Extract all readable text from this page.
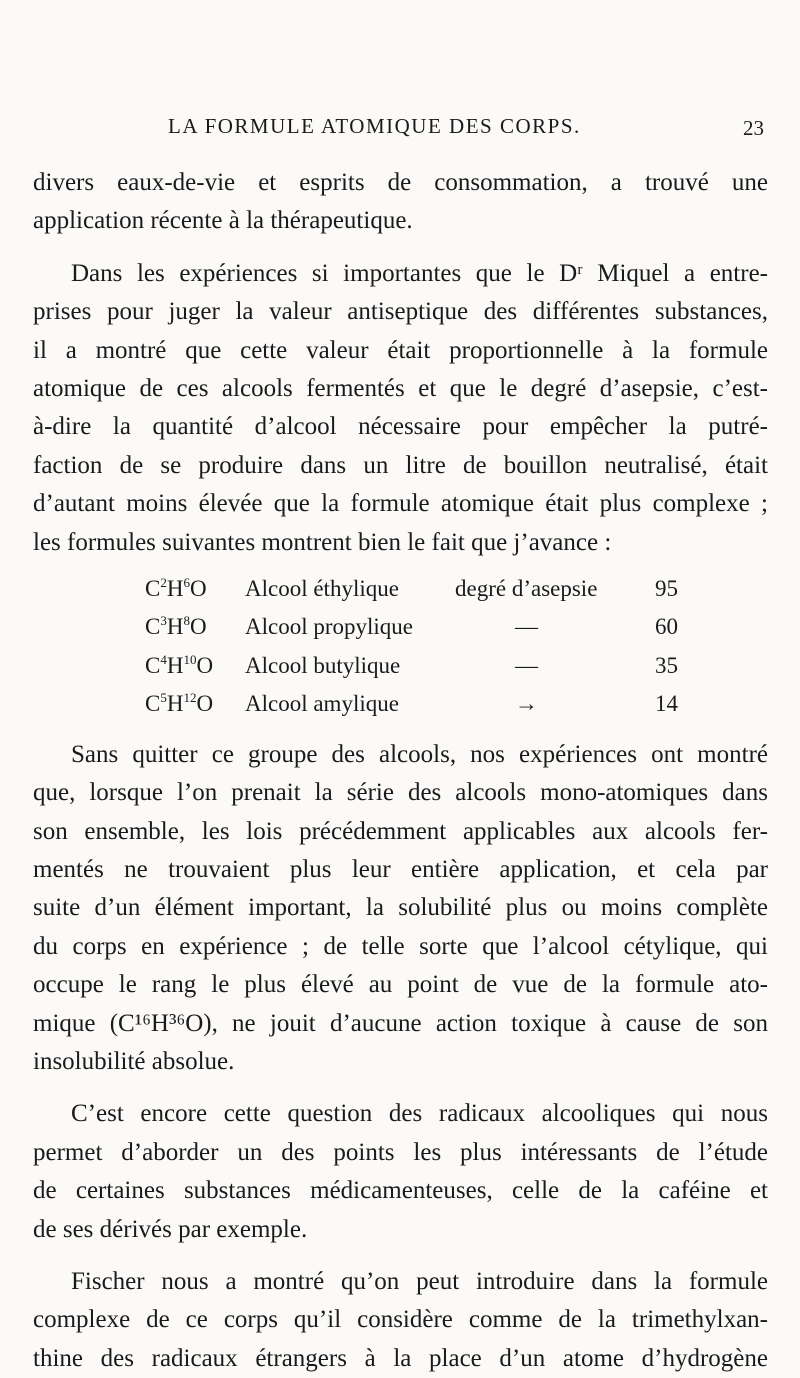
LA FORMULE ATOMIQUE DES CORPS.	23
divers eaux-de-vie et esprits de consommation, a trouvé une
application récente à la thérapeutique.
Dans les expériences si importantes que le Dʳ Miquel a entre-
prises pour juger la valeur antiseptique des différentes substances,
il a montré que cette valeur était proportionnelle à la formule
atomique de ces alcools fermentés et que le degré d’asepsie, c’est-
à-dire la quantité d’alcool nécessaire pour empêcher la putré-
faction de se produire dans un litre de bouillon neutralisé, était
d’autant moins élevée que la formule atomique était plus complexe ;
les formules suivantes montrent bien le fait que j’avance :
$C^2H^6O$	Alcool éthylique	degré d’asepsie	95
$C^3H^8O$	Alcool propylique	—	60
$C^4H^{10}O$	Alcool butylique	—	35
$C^5H^{12}O$	Alcool amylique	→	14
Sans quitter ce groupe des alcools, nos expériences ont montré
que, lorsque l’on prenait la série des alcools mono-atomiques dans
son ensemble, les lois précédemment applicables aux alcools fer-
mentés ne trouvaient plus leur entière application, et cela par
suite d’un élément important, la solubilité plus ou moins complète
du corps en expérience ; de telle sorte que l’alcool cétylique, qui
occupe le rang le plus élevé au point de vue de la formule ato-
mique (C¹⁶H³⁶O), ne jouit d’aucune action toxique à cause de son
insolubilité absolue.
C’est encore cette question des radicaux alcooliques qui nous
permet d’aborder un des points les plus intéressants de l’étude
de certaines substances médicamenteuses, celle de la caféine et
de ses dérivés par exemple.
Fischer nous a montré qu’on peut introduire dans la formule
complexe de ce corps qu’il considère comme de la trimethylxan-
thine des radicaux étrangers à la place d’un atome d’hydrogène
